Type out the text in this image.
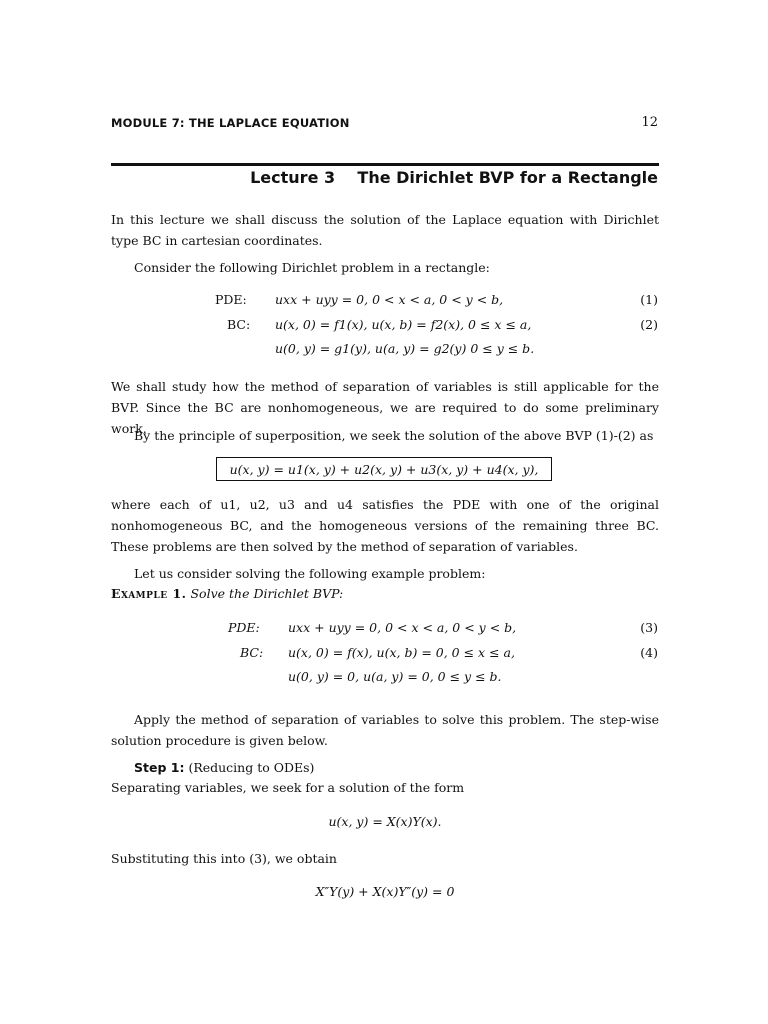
MODULE 7: THE LAPLACE EQUATION	12
Lecture 3    The Dirichlet BVP for a Rectangle
In this lecture we shall discuss the solution of the Laplace equation with Dirichlet type BC in cartesian coordinates.
Consider the following Dirichlet problem in a rectangle:
PDE: uxx + uyy = 0, 0 < x < a, 0 < y < b,	(1)
BC: u(x, 0) = f1(x), u(x, b) = f2(x), 0 ≤ x ≤ a,	(2)
u(0, y) = g1(y), u(a, y) = g2(y) 0 ≤ y ≤ b.
We shall study how the method of separation of variables is still applicable for the BVP. Since the BC are nonhomogeneous, we are required to do some preliminary work.
By the principle of superposition, we seek the solution of the above BVP (1)-(2) as
u(x, y) = u1(x, y) + u2(x, y) + u3(x, y) + u4(x, y),
where each of u1, u2, u3 and u4 satisfies the PDE with one of the original nonhomogeneous BC, and the homogeneous versions of the remaining three BC. These problems are then solved by the method of separation of variables.
Let us consider solving the following example problem:
Example 1. Solve the Dirichlet BVP:
PDE: uxx + uyy = 0, 0 < x < a, 0 < y < b,	(3)
BC: u(x, 0) = f(x), u(x, b) = 0, 0 ≤ x ≤ a,	(4)
u(0, y) = 0, u(a, y) = 0, 0 ≤ y ≤ b.
Apply the method of separation of variables to solve this problem. The step-wise solution procedure is given below.
Step 1: (Reducing to ODEs)
Separating variables, we seek for a solution of the form
u(x, y) = X(x)Y(x).
Substituting this into (3), we obtain
X″Y(y) + X(x)Y″(y) = 0
